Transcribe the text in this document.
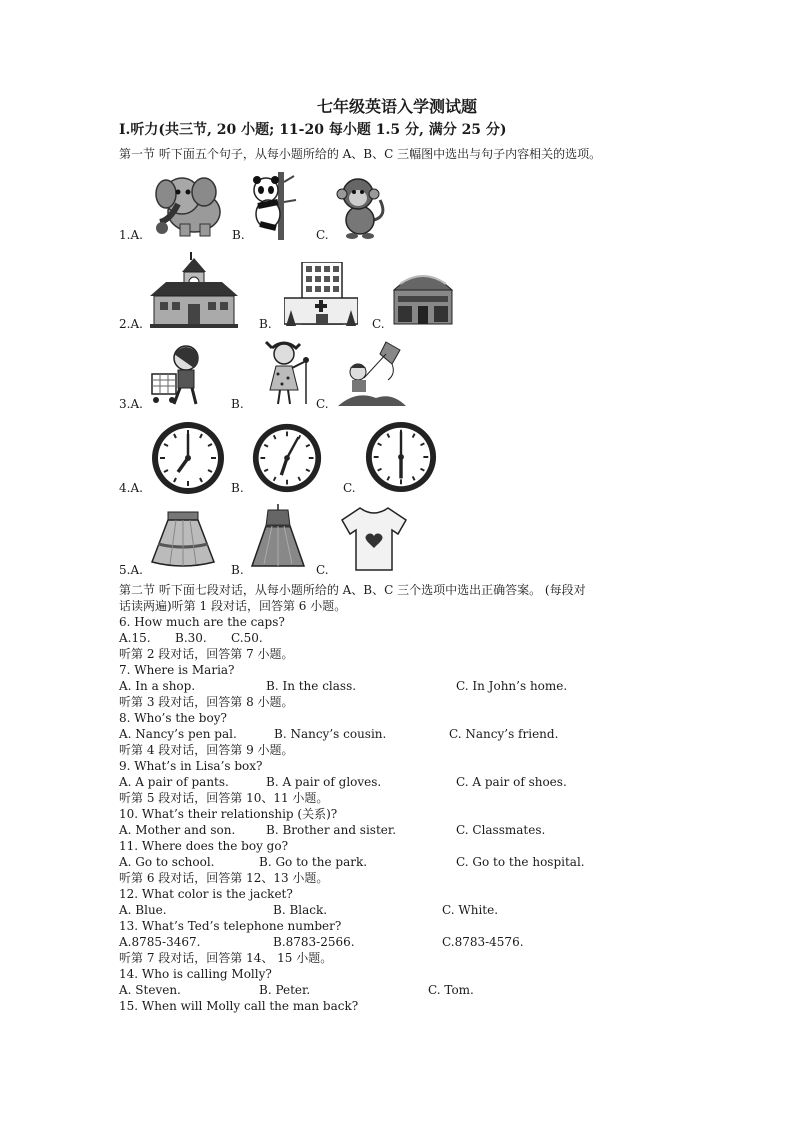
七年级英语入学测试题
I.听力(共三节, 20 小题; 11-20 每小题 1.5 分, 满分 25 分)
第一节 听下面五个句子，从每小题所给的 A、B、C 三幅图中选出与句子内容相关的选项。
1.A.	B.	C.
2.A.	B.	C.
3.A.	B.	C.
4.A.	B.	C.
5.A.	B.	C.
第二节 听下面七段对话，从每小题所给的 A、B、C 三个选项中选出正确答案。 (每段对
话读两遍)听第 1 段对话，回答第 6 小题。
6. How much are the caps?
A.15. B.30. C.50.
听第 2 段对话，回答第 7 小题。
7. Where is Maria?
A. In a shop.	B. In the class.	C. In John’s home.
听第 3 段对话，回答第 8 小题。
8. Who’s the boy?
A. Nancy’s pen pal.	B. Nancy’s cousin.	C. Nancy’s friend.
听第 4 段对话，回答第 9 小题。
9. What’s in Lisa’s box?
A. A pair of pants.	B. A pair of gloves.	C. A pair of shoes.
听第 5 段对话，回答第 10、11 小题。
10. What’s their relationship (关系)?
A. Mother and son.	B. Brother and sister.	C. Classmates.
11. Where does the boy go?
A. Go to school.	B. Go to the park.	C. Go to the hospital.
听第 6 段对话，回答第 12、13 小题。
12. What color is the jacket?
A. Blue.	B. Black.	C. White.
13. What’s Ted’s telephone number?
A.8785-3467.	B.8783-2566.	C.8783-4576.
听第 7 段对话，回答第 14、 15 小题。
14. Who is calling Molly?
A. Steven.	B. Peter.	C. Tom.
15. When will Molly call the man back?
